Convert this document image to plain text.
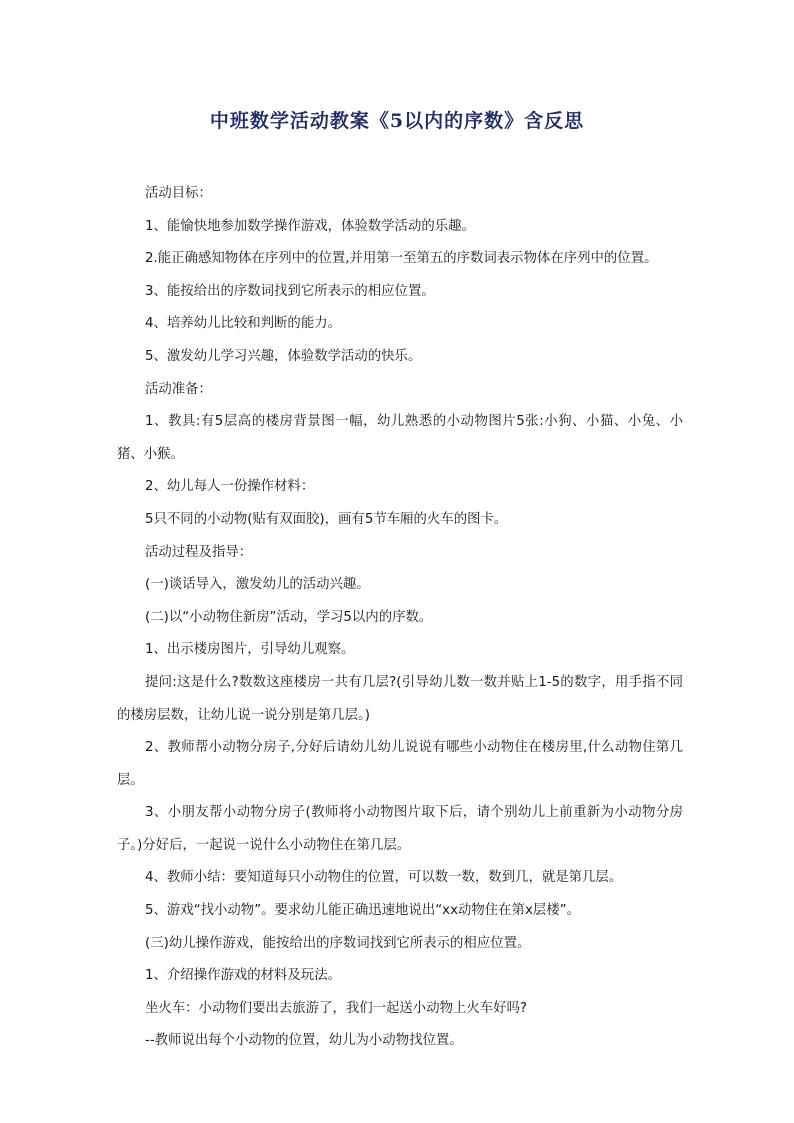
中班数学活动教案《5以内的序数》含反思

活动目标：

1、能愉快地参加数学操作游戏，体验数学活动的乐趣。

2.能正确感知物体在序列中的位置,并用第一至第五的序数词表示物体在序列中的位置。

3、能按给出的序数词找到它所表示的相应位置。

4、培养幼儿比较和判断的能力。

5、激发幼儿学习兴趣，体验数学活动的快乐。

活动准备：

1、教具:有5层高的楼房背景图一幅，幼儿熟悉的小动物图片5张:小狗、小猫、小兔、小猪、小猴。

2、幼儿每人一份操作材料：

5只不同的小动物(贴有双面胶)，画有5节车厢的火车的图卡。

活动过程及指导：

(一)谈话导入，激发幼儿的活动兴趣。

(二)以“小动物住新房”活动，学习5以内的序数。

1、出示楼房图片，引导幼儿观察。

提问:这是什么?数数这座楼房一共有几层?(引导幼儿数一数并贴上1-5的数字，用手指不同的楼房层数，让幼儿说一说分别是第几层。)

2、教师帮小动物分房子,分好后请幼儿幼儿说说有哪些小动物住在楼房里,什么动物住第几层。

3、小朋友帮小动物分房子(教师将小动物图片取下后，请个别幼儿上前重新为小动物分房子。)分好后，一起说一说什么小动物住在第几层。

4、教师小结：要知道每只小动物住的位置，可以数一数，数到几，就是第几层。

5、游戏“找小动物”。要求幼儿能正确迅速地说出“xx动物住在第x层楼”。

(三)幼儿操作游戏，能按给出的序数词找到它所表示的相应位置。

1、介绍操作游戏的材料及玩法。

坐火车：小动物们要出去旅游了，我们一起送小动物上火车好吗?

--教师说出每个小动物的位置，幼儿为小动物找位置。
